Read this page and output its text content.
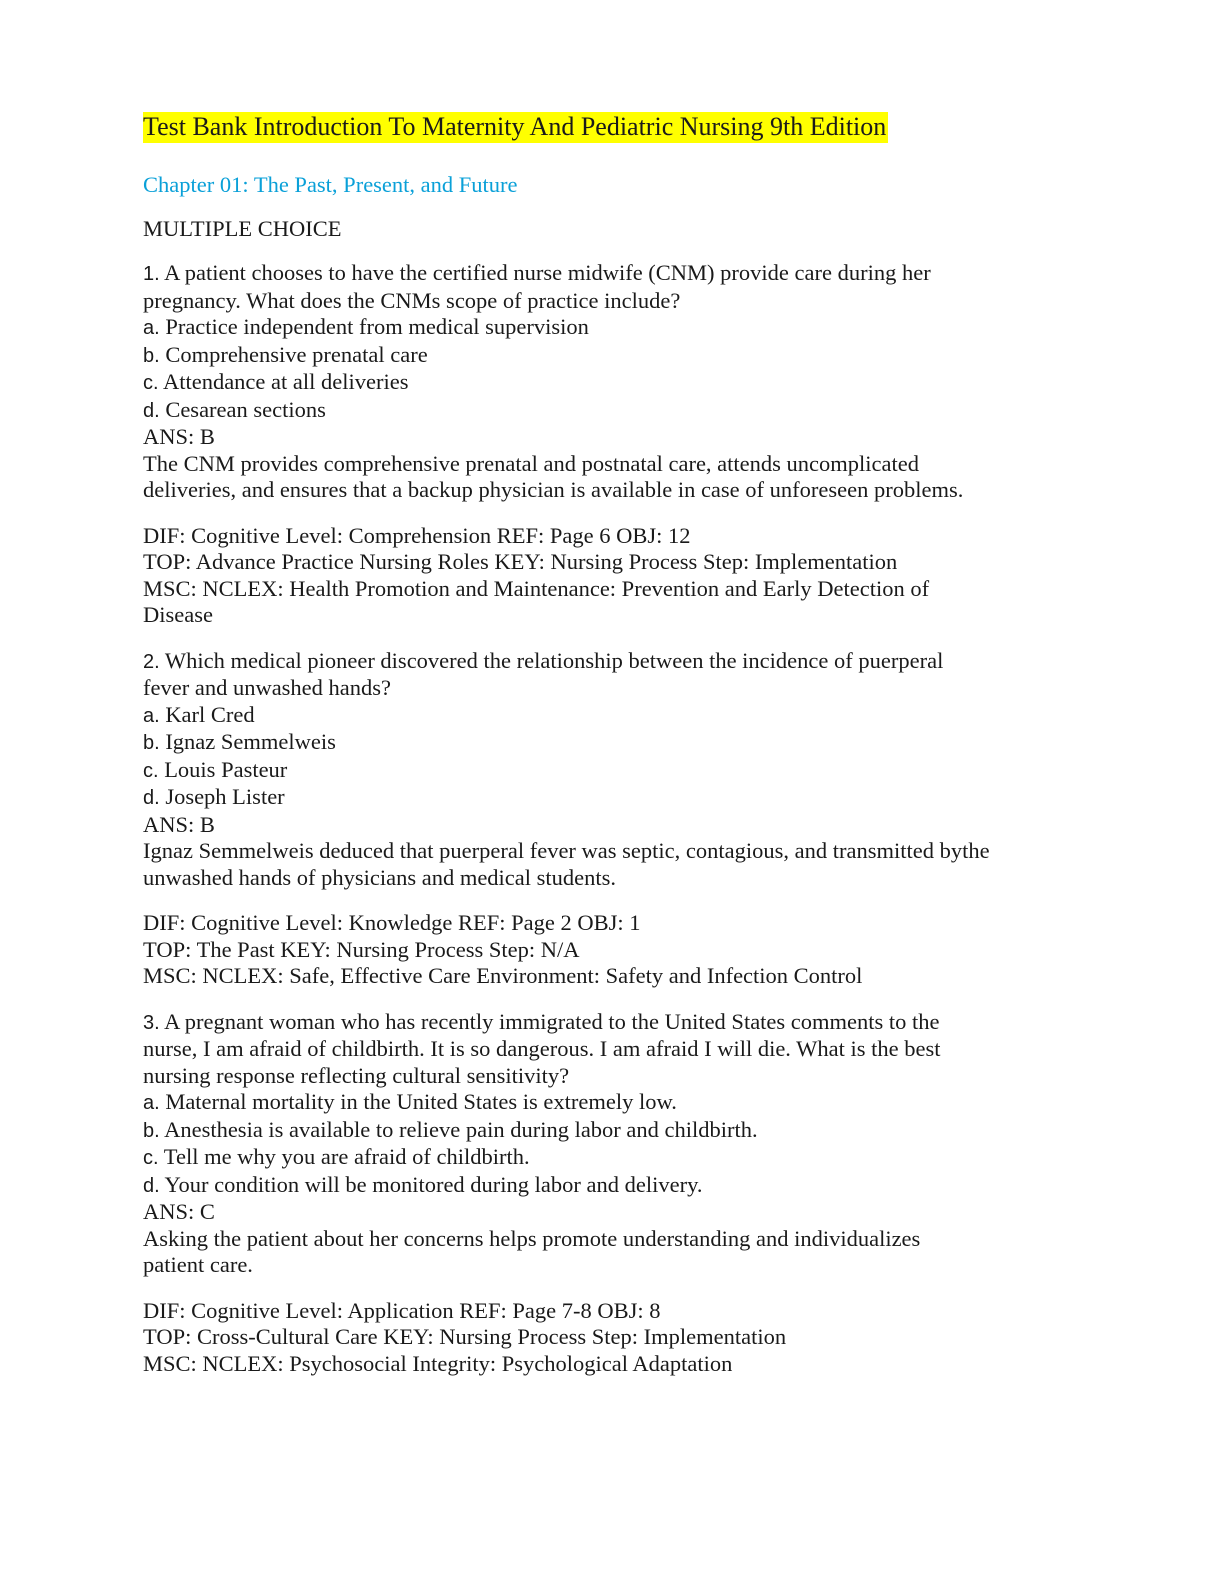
Test Bank Introduction To Maternity And Pediatric Nursing 9th Edition
Chapter 01: The Past, Present, and Future
MULTIPLE CHOICE
1. A patient chooses to have the certified nurse midwife (CNM) provide care during her
pregnancy. What does the CNMs scope of practice include?
a. Practice independent from medical supervision
b. Comprehensive prenatal care
c. Attendance at all deliveries
d. Cesarean sections
ANS: B
The CNM provides comprehensive prenatal and postnatal care, attends uncomplicated
deliveries, and ensures that a backup physician is available in case of unforeseen problems.
DIF: Cognitive Level: Comprehension REF: Page 6 OBJ: 12
TOP: Advance Practice Nursing Roles KEY: Nursing Process Step: Implementation
MSC: NCLEX: Health Promotion and Maintenance: Prevention and Early Detection of
Disease
2. Which medical pioneer discovered the relationship between the incidence of puerperal
fever and unwashed hands?
a. Karl Cred
b. Ignaz Semmelweis
c. Louis Pasteur
d. Joseph Lister
ANS: B
Ignaz Semmelweis deduced that puerperal fever was septic, contagious, and transmitted bythe
unwashed hands of physicians and medical students.
DIF: Cognitive Level: Knowledge REF: Page 2 OBJ: 1
TOP: The Past KEY: Nursing Process Step: N/A
MSC: NCLEX: Safe, Effective Care Environment: Safety and Infection Control
3. A pregnant woman who has recently immigrated to the United States comments to the
nurse, I am afraid of childbirth. It is so dangerous. I am afraid I will die. What is the best
nursing response reflecting cultural sensitivity?
a. Maternal mortality in the United States is extremely low.
b. Anesthesia is available to relieve pain during labor and childbirth.
c. Tell me why you are afraid of childbirth.
d. Your condition will be monitored during labor and delivery.
ANS: C
Asking the patient about her concerns helps promote understanding and individualizes
patient care.
DIF: Cognitive Level: Application REF: Page 7-8 OBJ: 8
TOP: Cross-Cultural Care KEY: Nursing Process Step: Implementation
MSC: NCLEX: Psychosocial Integrity: Psychological Adaptation
